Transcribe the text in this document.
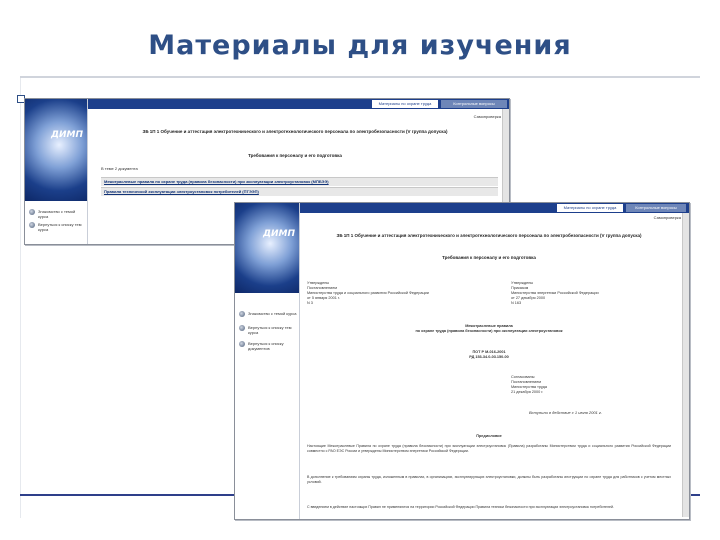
Материалы для изучения
ДИМП
Знакомство с темой курса
Вернуться к списку тем курса
Материалы по охране труда	Контрольные вопросы
Самопроверка
ЗБ 1П 1 Обучение и аттестация электротехнического и электротехнологического персонала по электробезопасности (V группа допуска)
Требования к персоналу и его подготовка
В теме 2 документа
Межотраслевые правила по охране труда (правила безопасности) при эксплуатации электроустановок (МПБЭЭ)
Правила технической эксплуатации электроустановок потребителей (ПТЭЭП)
ДИМП
Знакомство с темой курса
Вернуться к списку тем курса
Вернуться к списку документов
Материалы по охране труда	Контрольные вопросы
Самопроверка
ЗБ 1П 1 Обучение и аттестация электротехнического и электротехнологического персонала по электробезопасности (V группа допуска)
Требования к персоналу и его подготовка
Утверждены
Постановлением
Министерства труда и социального развития Российской Федерации
от 5 января 2001 г.
N 3
Утверждены
Приказом
Министерства энергетики Российской Федерации
от 27 декабря 2000
N 163
Межотраслевые правила
по охране труда (правила безопасности) при эксплуатации электроустановок
ПОТ Р М-016-2001
РД 153-34.0-03.150-00
Согласованы
Постановлением
Министерства труда
21 декабря 2000 г.
Вступили в действие с 1 июля 2001 г.
Предисловие
Настоящие Межотраслевые Правила по охране труда (правила безопасности) при эксплуатации электроустановок (Правила) разработаны Министерством труда и социального развития Российской Федерации совместно с РАО ЕЭС России и утверждены Министерством энергетики Российской Федерации.
В дополнение к требованиям охраны труда, изложенным в правилах, в организациях, эксплуатирующих электроустановки, должны быть разработаны инструкции по охране труда для работников с учетом местных условий.
С введением в действие настоящих Правил не применяются на территории Российской Федерации Правила техники безопасности при эксплуатации электроустановок потребителей.
